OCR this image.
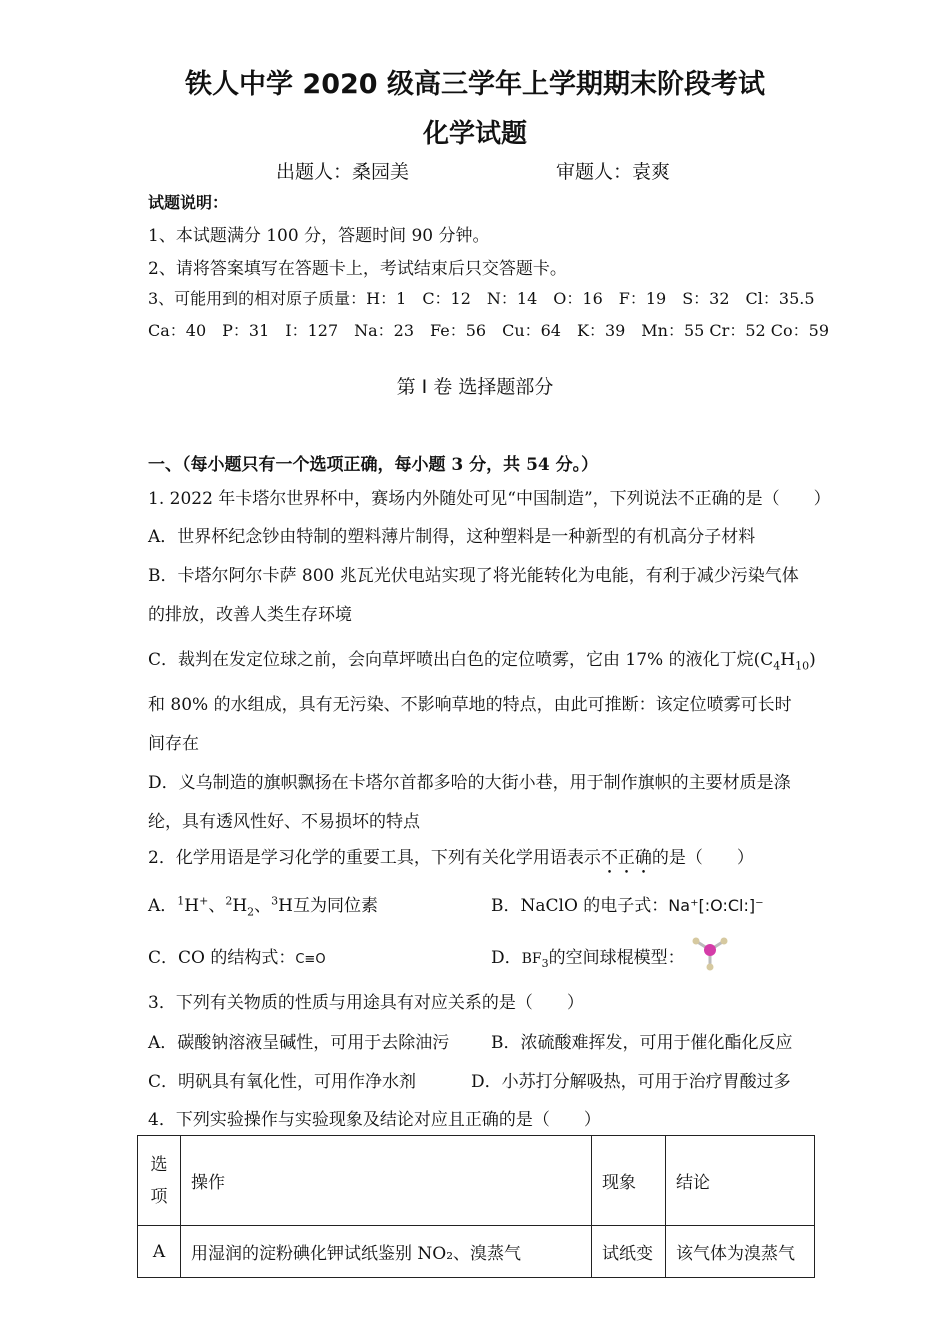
铁人中学 2020 级高三学年上学期期末阶段考试
化学试题
出题人：桑园美	审题人：袁爽
试题说明：
1、本试题满分 100 分，答题时间 90 分钟。
2、请将答案填写在答题卡上，考试结束后只交答题卡。
3、可能用到的相对原子质量：H：1　C：12　N：14　O：16　F：19　S：32　Cl：35.5
Ca：40　P：31　I：127　Na：23　Fe：56　Cu：64　K：39　Mn：55 Cr：52 Co：59
第 I 卷 选择题部分
一、（每小题只有一个选项正确，每小题 3 分，共 54 分。）
1. 2022 年卡塔尔世界杯中，赛场内外随处可见“中国制造”，下列说法不正确的是（　　）
A．世界杯纪念钞由特制的塑料薄片制得，这种塑料是一种新型的有机高分子材料
B．卡塔尔阿尔卡萨 800 兆瓦光伏电站实现了将光能转化为电能，有利于减少污染气体
的排放，改善人类生存环境
C．裁判在发定位球之前，会向草坪喷出白色的定位喷雾，它由 17% 的液化丁烷$(C_4H_{10})$
和 80% 的水组成，具有无污染、不影响草地的特点，由此可推断：该定位喷雾可长时
间存在
D．义乌制造的旗帜飘扬在卡塔尔首都多哈的大街小巷，用于制作旗帜的主要材质是涤
纶，具有透风性好、不易损坏的特点
2．化学用语是学习化学的重要工具，下列有关化学用语表示不正确的是（　　）
A．$^1$H+、$^2H_2$、$^3$H互为同位素	B．NaClO 的电子式：Na⁺[:O:Cl:]⁻
C．CO 的结构式：C≡O	D．$BF_3$的空间球棍模型：
3．下列有关物质的性质与用途具有对应关系的是（　　）
A．碳酸钠溶液呈碱性，可用于去除油污 B．浓硫酸难挥发，可用于催化酯化反应
C．明矾具有氧化性，可用作净水剂	D．小苏打分解吸热，可用于治疗胃酸过多
4．下列实验操作与实验现象及结论对应且正确的是（　　）
选项	操作	现象	结论
A	用湿润的淀粉碘化钾试纸鉴别 NO₂、溴蒸气	试纸变	该气体为溴蒸气
